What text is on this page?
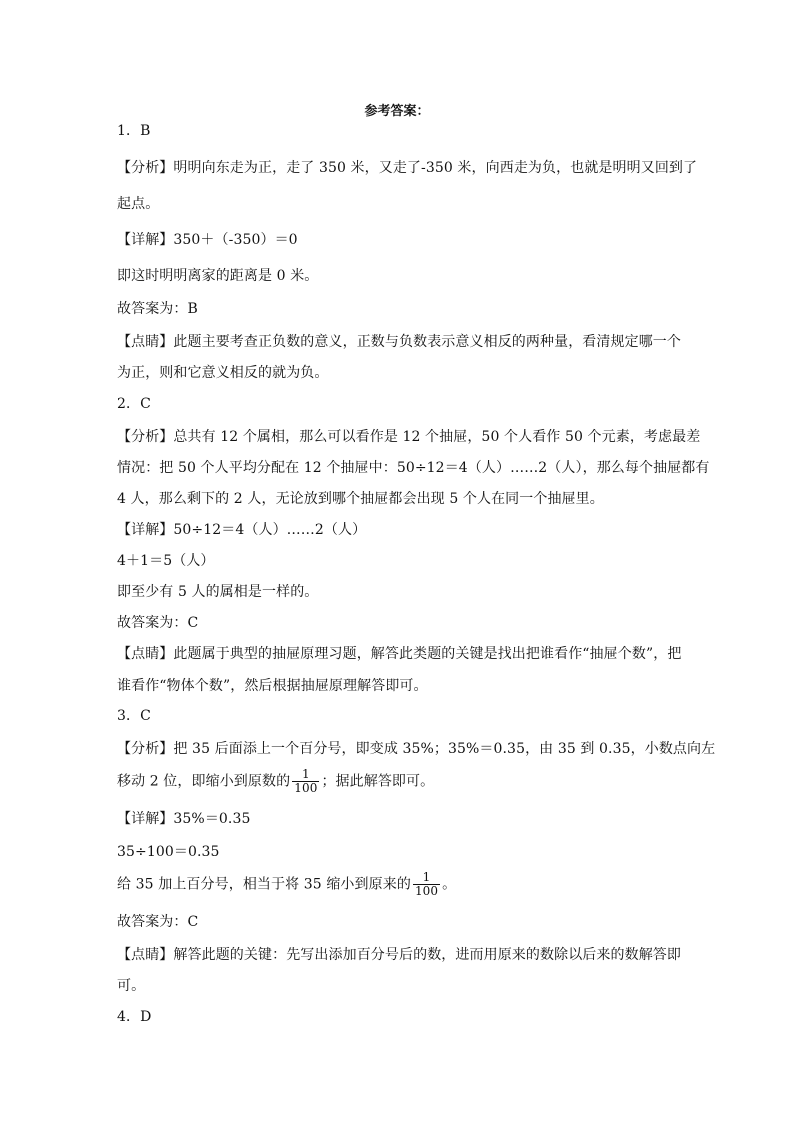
参考答案：
1．B
【分析】明明向东走为正，走了 350 米，又走了-350 米，向西走为负，也就是明明又回到了
起点。
【详解】350＋（-350）＝0
即这时明明离家的距离是 0 米。
故答案为：B
【点睛】此题主要考查正负数的意义，正数与负数表示意义相反的两种量，看清规定哪一个
为正，则和它意义相反的就为负。
2．C
【分析】总共有 12 个属相，那么可以看作是 12 个抽屉，50 个人看作 50 个元素，考虑最差
情况：把 50 个人平均分配在 12 个抽屉中：50÷12＝4（人）……2（人），那么每个抽屉都有
4 人，那么剩下的 2 人，无论放到哪个抽屉都会出现 5 个人在同一个抽屉里。
【详解】50÷12＝4（人）……2（人）
4＋1＝5（人）
即至少有 5 人的属相是一样的。
故答案为：C
【点睛】此题属于典型的抽屉原理习题，解答此类题的关键是找出把谁看作“抽屉个数”，把
谁看作“物体个数”，然后根据抽屉原理解答即可。
3．C
【分析】把 35 后面添上一个百分号，即变成 35%；35%＝0.35，由 35 到 0.35，小数点向左
移动 2 位，即缩小到原数的 $\frac{1}{100}$ ；据此解答即可。
【详解】35%＝0.35
35÷100＝0.35
给 35 加上百分号，相当于将 35 缩小到原来的 $\frac{1}{100}$ 。
故答案为：C
【点睛】解答此题的关键：先写出添加百分号后的数，进而用原来的数除以后来的数解答即
可。
4．D
